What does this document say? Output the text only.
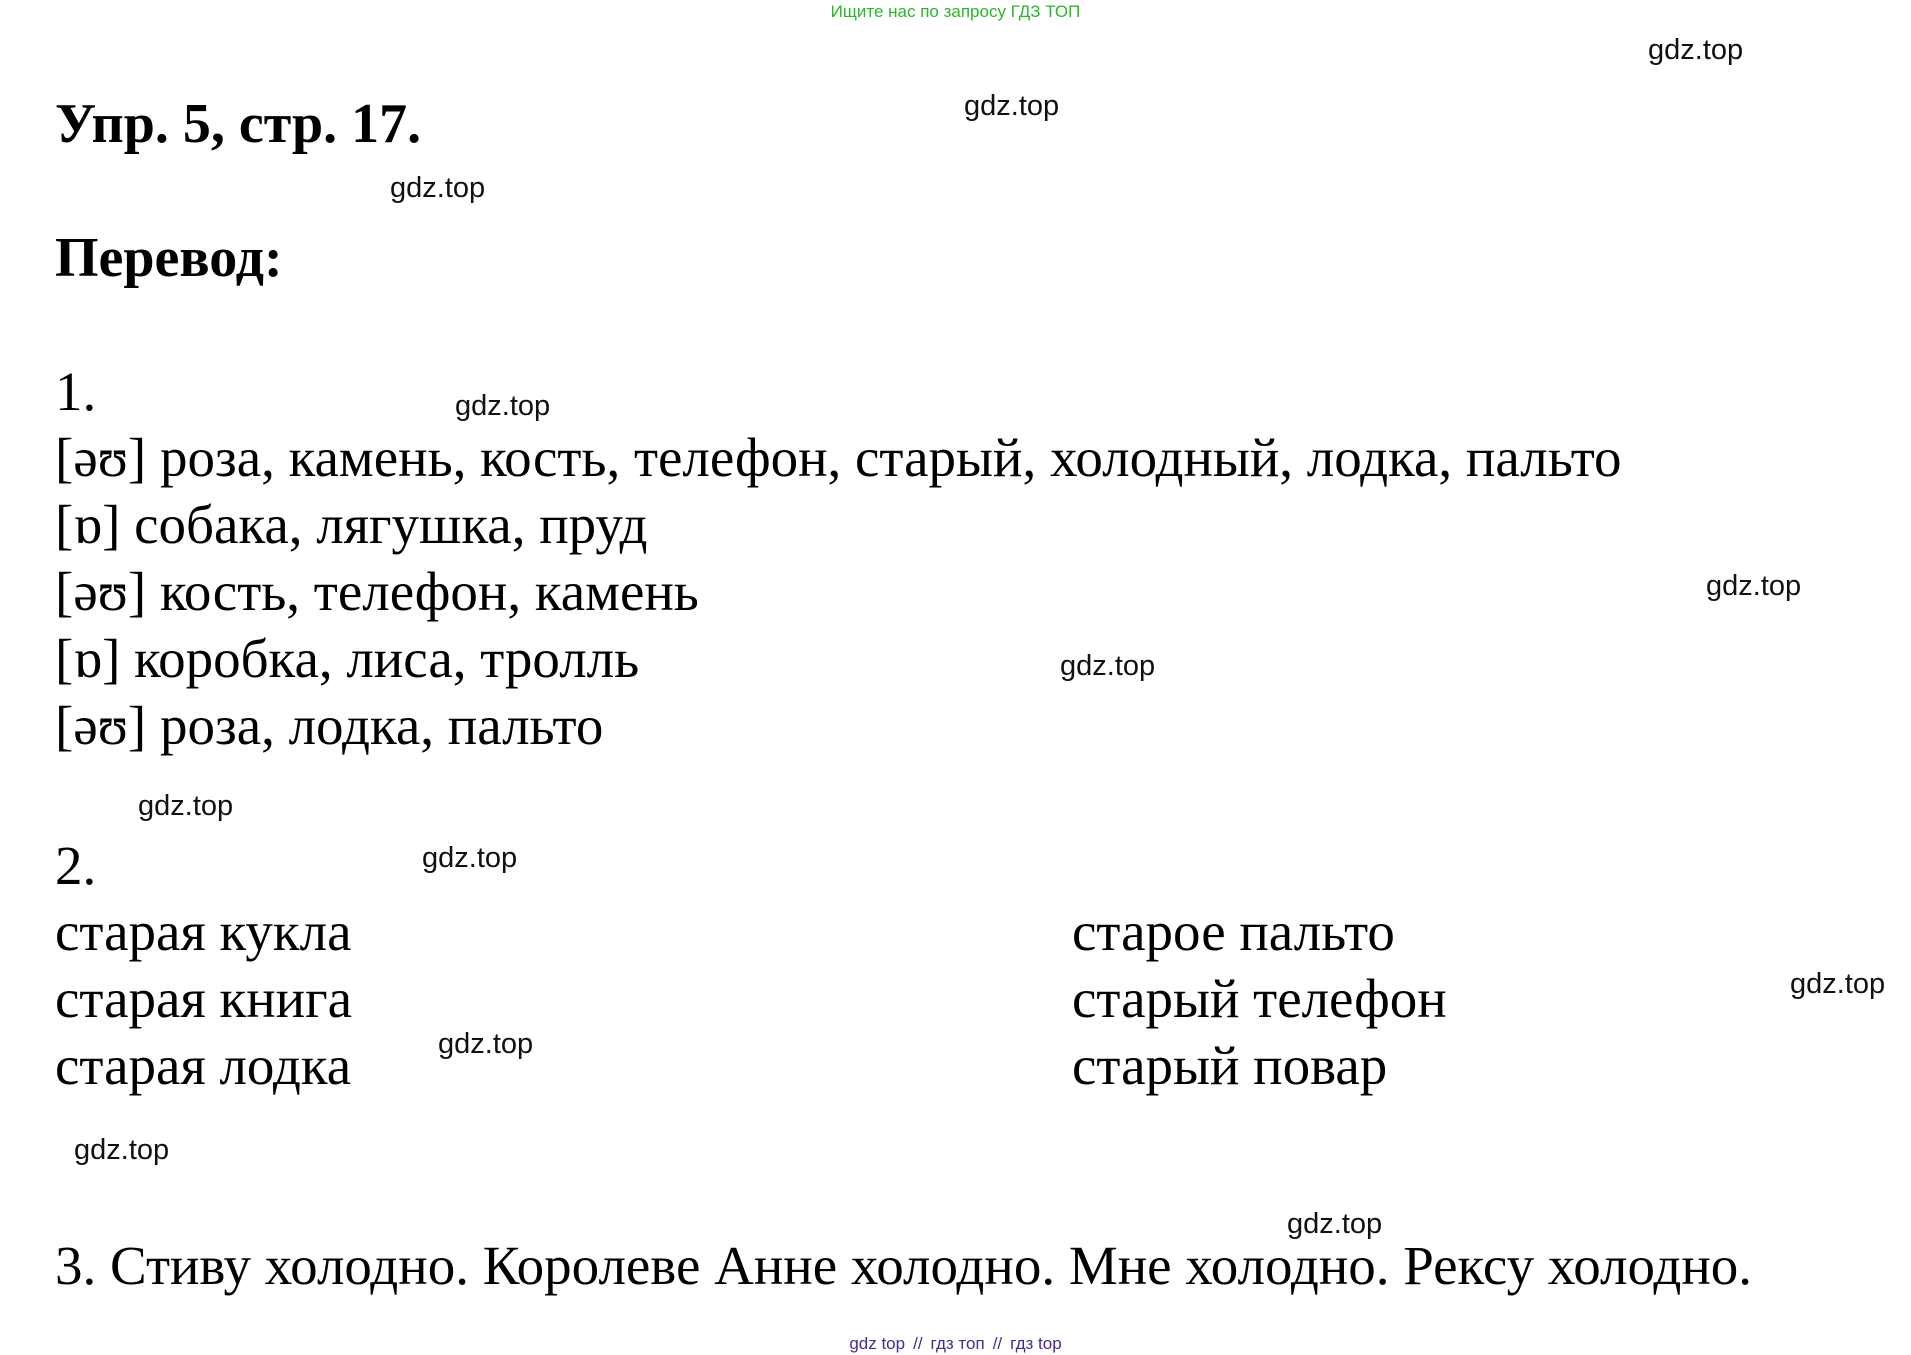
Ищите нас по запросу ГДЗ ТОП
Упр. 5, стр. 17.
Перевод:
1.
[əʊ] роза, камень, кость, телефон, старый, холодный, лодка, пальто
[ɒ] собака, лягушка, пруд
[əʊ] кость, телефон, камень
[ɒ] коробка, лиса, тролль
[əʊ] роза, лодка, пальто
2.
старая кукла
старая книга
старая лодка
старое пальто
старый телефон
старый повар
3. Стиву холодно. Королеве Анне холодно. Мне холодно. Рексу холодно.
gdz.top
gdz.top
gdz.top
gdz.top
gdz.top
gdz.top
gdz.top
gdz.top
gdz.top
gdz.top
gdz.top
gdz.top
gdz top // гдз топ // гдз top
